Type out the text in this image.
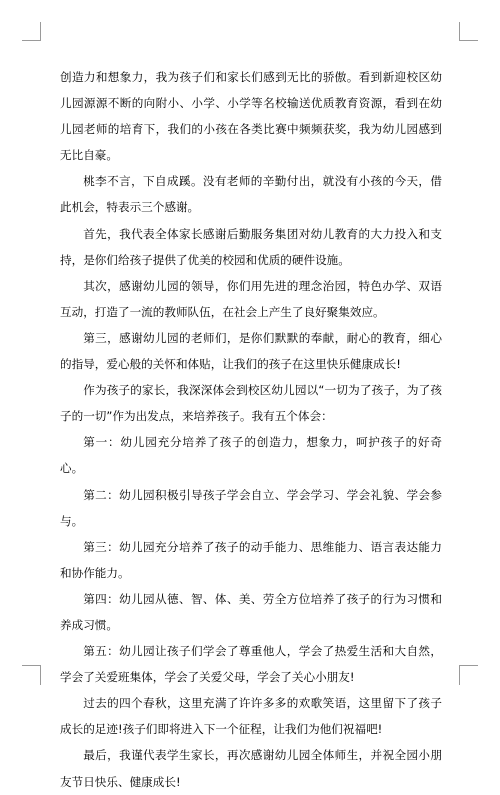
创造力和想象力，我为孩子们和家长们感到无比的骄傲。看到新迎校区幼儿园源源不断的向附小、小学、小学等名校输送优质教育资源，看到在幼儿园老师的培育下，我们的小孩在各类比赛中频频获奖，我为幼儿园感到无比自豪。

桃李不言，下自成蹊。没有老师的辛勤付出，就没有小孩的今天，借此机会，特表示三个感谢。

首先，我代表全体家长感谢后勤服务集团对幼儿教育的大力投入和支持，是你们给孩子提供了优美的校园和优质的硬件设施。

其次，感谢幼儿园的领导，你们用先进的理念治园，特色办学、双语互动，打造了一流的教师队伍，在社会上产生了良好聚集效应。

第三，感谢幼儿园的老师们，是你们默默的奉献，耐心的教育，细心的指导，爱心般的关怀和体贴，让我们的孩子在这里快乐健康成长!

作为孩子的家长，我深深体会到校区幼儿园以“一切为了孩子，为了孩子的一切”作为出发点，来培养孩子。我有五个体会：

第一：幼儿园充分培养了孩子的创造力，想象力，呵护孩子的好奇心。

第二：幼儿园积极引导孩子学会自立、学会学习、学会礼貌、学会参与。

第三：幼儿园充分培养了孩子的动手能力、思维能力、语言表达能力和协作能力。

第四：幼儿园从德、智、体、美、劳全方位培养了孩子的行为习惯和养成习惯。

第五：幼儿园让孩子们学会了尊重他人，学会了热爱生活和大自然，学会了关爱班集体，学会了关爱父母，学会了关心小朋友!

过去的四个春秋，这里充满了许许多多的欢歌笑语，这里留下了孩子成长的足迹!孩子们即将进入下一个征程，让我们为他们祝福吧!

最后，我谨代表学生家长，再次感谢幼儿园全体师生，并祝全园小朋友节日快乐、健康成长!
